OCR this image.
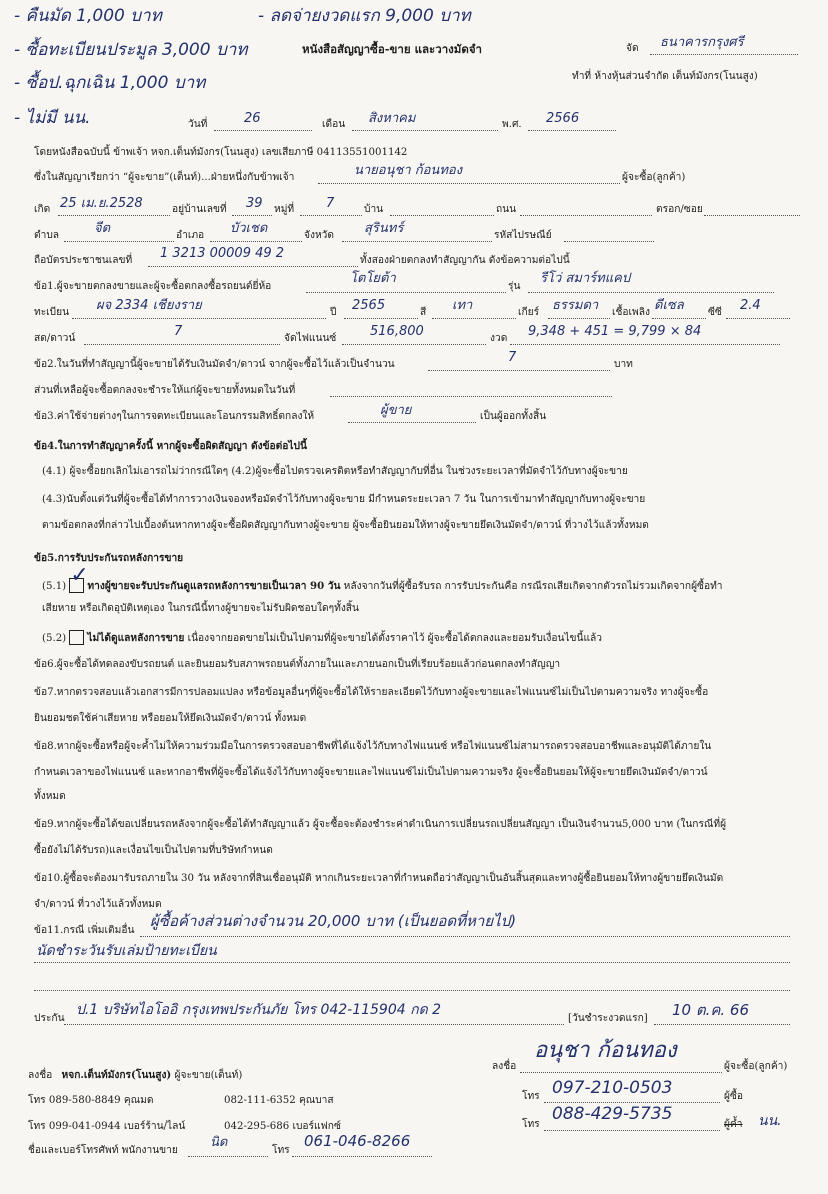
- คืนมัด 1,000 บาท	- ลดจ่ายงวดแรก 9,000 บาท
- ซื้อทะเบียนประมูล 3,000 บาท
- ซื้อป.ฉุกเฉิน 1,000 บาท
- ไม่มี นน.
หนังสือสัญญาซื้อ-ขาย และวางมัดจำ	จัด ธนาคารกรุงศรี
ทำที่ ห้างหุ้นส่วนจำกัด เต็นท์มังกร(โนนสูง)
วันที่	26	เดือน สิงหาคม	พ.ศ. 2566
โดยหนังสือฉบับนี้ ข้าพเจ้า หจก.เต็นท์มังกร(โนนสูง) เลขเสียภาษี 04113551001142
ซึ่งในสัญญาเรียกว่า “ผู้จะขาย”(เต็นท์)...ฝ่ายหนึ่งกับข้าพเจ้า	นายอนุชา ก้อนทอง	ผู้จะซื้อ(ลูกค้า)
เกิด 25 เม.ย.2528	อยู่บ้านเลขที่ 39 หมู่ที่ 7	บ้าน	ถนน	ตรอก/ซอย
ตำบล	จีต	อำเภอ บัวเชด	จังหวัด สุรินทร์	รหัสไปรษณีย์
ถือบัตรประชาชนเลขที่ 1 3213 00009 49 2	ทั้งสองฝ่ายตกลงทำสัญญากัน ดังข้อความต่อไปนี้
ข้อ1.ผู้จะขายตกลงขายและผู้จะซื้อตกลงซื้อรถยนต์ยี่ห้อ
โตโยต้า
รุ่น
รีโว่ สมาร์ทแคป
ทะเบียน ผจ 2334 เชียงราย	ปี 2565	สี เทา	เกียร์ ธรรมดา เชื้อเพลิง ดีเซล ซีซี 2.4
สด/ดาวน์	7	จัดไฟแนนซ์	516,800	งวด 9,348 + 451 = 9,799 × 84
ข้อ2.ในวันที่ทำสัญญานี้ผู้จะขายได้รับเงินมัดจำ/ดาวน์ จากผู้จะซื้อไว้แล้วเป็นจำนวน	7	บาท
ส่วนที่เหลือผู้จะซื้อตกลงจะชำระให้แก่ผู้จะขายทั้งหมดในวันที่
ข้อ3.ค่าใช้จ่ายต่างๆในการจดทะเบียนและโอนกรรมสิทธิ์ตกลงให้	ผู้ขาย	เป็นผู้ออกทั้งสิ้น
ข้อ4.ในการทำสัญญาครั้งนี้ หากผู้จะซื้อผิดสัญญา ดังข้อต่อไปนี้
(4.1) ผู้จะซื้อยกเลิกไม่เอารถไม่ว่ากรณีใดๆ (4.2)ผู้จะซื้อไปตรวจเครดิตหรือทำสัญญากับที่อื่น ในช่วงระยะเวลาที่มัดจำไว้กับทางผู้จะขาย
(4.3)นับตั้งแต่วันที่ผู้จะซื้อได้ทำการวางเงินจองหรือมัดจำไว้กับทางผู้จะขาย มีกำหนดระยะเวลา 7 วัน ในการเข้ามาทำสัญญากับทางผู้จะขาย
ตามข้อตกลงที่กล่าวไปเบื้องต้นหากทางผู้จะซื้อผิดสัญญากับทางผู้จะขาย ผู้จะซื้อยินยอมให้ทางผู้จะขายยึดเงินมัดจำ/ดาวน์ ที่วางไว้แล้วทั้งหมด
ข้อ5.การรับประกันรถหลังการขาย
(5.1) ✓
ทางผู้ขายจะรับประกันดูแลรถหลังการขายเป็นเวลา 90 วัน หลังจากวันที่ผู้ซื้อรับรถ การรับประกันคือ กรณีรถเสียเกิดจากตัวรถไม่รวมเกิดจากผู้ซื้อทำ
เสียหาย หรือเกิดอุบัติเหตุเอง ในกรณีนี้ทางผู้ขายจะไม่รับผิดชอบใดๆทั้งสิ้น
(5.2) ไม่ได้ดูแลหลังการขาย เนื่องจากยอดขายไม่เป็นไปตามที่ผู้จะขายได้ตั้งราคาไว้ ผู้จะซื้อได้ตกลงและยอมรับเงื่อนไขนี้แล้ว
ข้อ6.ผู้จะซื้อได้ทดลองขับรถยนต์ และยินยอมรับสภาพรถยนต์ทั้งภายในและภายนอกเป็นที่เรียบร้อยแล้วก่อนตกลงทำสัญญา
ข้อ7.หากตรวจสอบแล้วเอกสารมีการปลอมแปลง หรือข้อมูลอื่นๆที่ผู้จะซื้อได้ให้รายละเอียดไว้กับทางผู้จะขายและไฟแนนซ์ไม่เป็นไปตามความจริง ทางผู้จะซื้อ
ยินยอมชดใช้ค่าเสียหาย หรือยอมให้ยึดเงินมัดจำ/ดาวน์ ทั้งหมด
ข้อ8.หากผู้จะซื้อหรือผู้จะค้ำไม่ให้ความร่วมมือในการตรวจสอบอาชีพที่ได้แจ้งไว้กับทางไฟแนนซ์ หรือไฟแนนซ์ไม่สามารถตรวจสอบอาชีพและอนุมัติได้ภายใน
กำหนดเวลาของไฟแนนซ์ และหากอาชีพที่ผู้จะซื้อได้แจ้งไว้กับทางผู้จะขายและไฟแนนซ์ไม่เป็นไปตามความจริง ผู้จะซื้อยินยอมให้ผู้จะขายยึดเงินมัดจำ/ดาวน์
ทั้งหมด
ข้อ9.หากผู้จะซื้อได้ขอเปลี่ยนรถหลังจากผู้จะซื้อได้ทำสัญญาแล้ว ผู้จะซื้อจะต้องชำระค่าดำเนินการเปลี่ยนรถเปลี่ยนสัญญา เป็นเงินจำนวน5,000 บาท (ในกรณีที่ผู้
ซื้อยังไม่ได้รับรถ)และเงื่อนไขเป็นไปตามที่บริษัทกำหนด
ข้อ10.ผู้ซื้อจะต้องมารับรถภายใน 30 วัน หลังจากที่สินเชื่ออนุมัติ หากเกินระยะเวลาที่กำหนดถือว่าสัญญาเป็นอันสิ้นสุดและทางผู้ซื้อยินยอมให้ทางผู้ขายยึดเงินมัด
จำ/ดาวน์ ที่วางไว้แล้วทั้งหมด
ข้อ11.กรณี เพิ่มเติมอื่น
ผู้ซื้อค้างส่วนต่างจำนวน 20,000 บาท (เป็นยอดที่หายไป)
นัดชำระวันรับเล่มป้ายทะเบียน
ประกัน
ป.1 บริษัทไอโออิ กรุงเทพประกันภัย โทร 042-115904 กด 2
[วันชำระงวดแรก] 10 ต.ค. 66
ลงชื่อ หจก.เต็นท์มังกร(โนนสูง) ผู้จะขาย(เต็นท์)
โทร 089-580-8849 คุณมด	082-111-6352 คุณบาส
โทร 099-041-0944 เบอร์ร้าน/ไลน์	042-295-686 เบอร์แฟกซ์
ชื่อและเบอร์โทรศัพท์ พนักงานขาย
นิด
โทร
061-046-8266
ลงชื่อ
อนุชา ก้อนทอง
ผู้จะซื้อ(ลูกค้า)
โทร 097-210-0503	ผู้ซื้อ
โทร
088-429-5735
ผู้ค้ำ นน.
